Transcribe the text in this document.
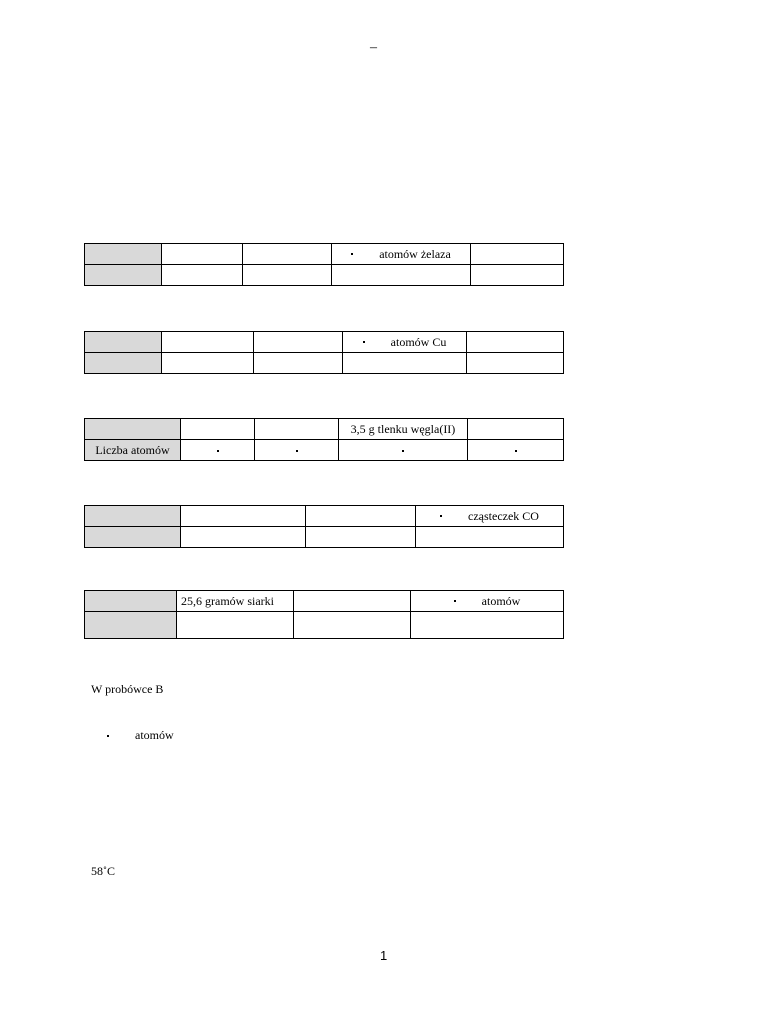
–

			atomów żelaza	

			atomów Cu	

			3,5 g tlenku węgla(II)	
Liczba atomów				

			cząsteczek CO

	25,6 gramów siarki		atomów

W probówce B
atomów
58˚C
1
